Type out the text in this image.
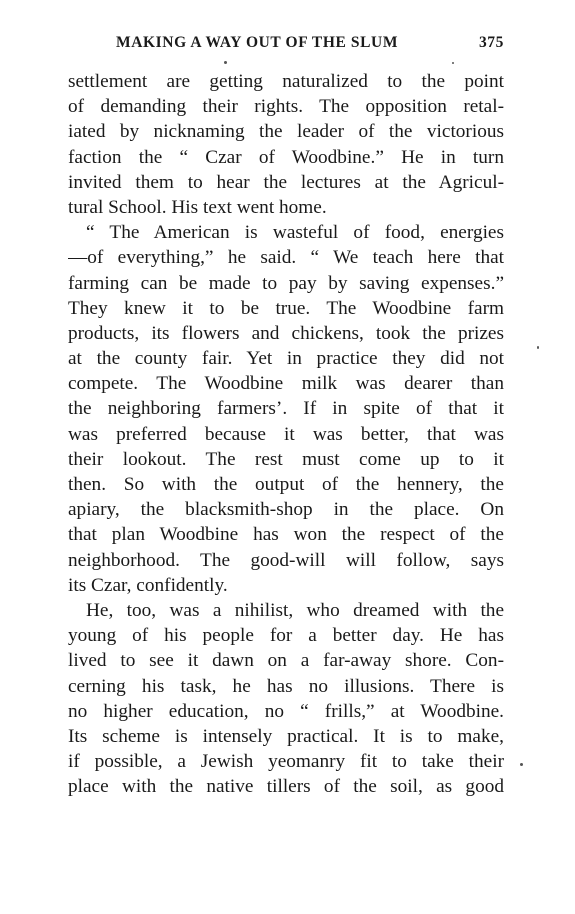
MAKING A WAY OUT OF THE SLUM	375
settlement are getting naturalized to the point
of demanding their rights. The opposition retal-
iated by nicknaming the leader of the victorious
faction the “ Czar of Woodbine.” He in turn
invited them to hear the lectures at the Agricul-
tural School. His text went home.
“ The American is wasteful of food, energies
—of everything,” he said. “ We teach here that
farming can be made to pay by saving expenses.”
They knew it to be true. The Woodbine farm
products, its flowers and chickens, took the prizes
at the county fair. Yet in practice they did not
compete. The Woodbine milk was dearer than
the neighboring farmers’. If in spite of that it
was preferred because it was better, that was
their lookout. The rest must come up to it
then. So with the output of the hennery, the
apiary, the blacksmith-shop in the place. On
that plan Woodbine has won the respect of the
neighborhood. The good-will will follow, says
its Czar, confidently.
He, too, was a nihilist, who dreamed with the
young of his people for a better day. He has
lived to see it dawn on a far-away shore. Con-
cerning his task, he has no illusions. There is
no higher education, no “ frills,” at Woodbine.
Its scheme is intensely practical. It is to make,
if possible, a Jewish yeomanry fit to take their
place with the native tillers of the soil, as good
